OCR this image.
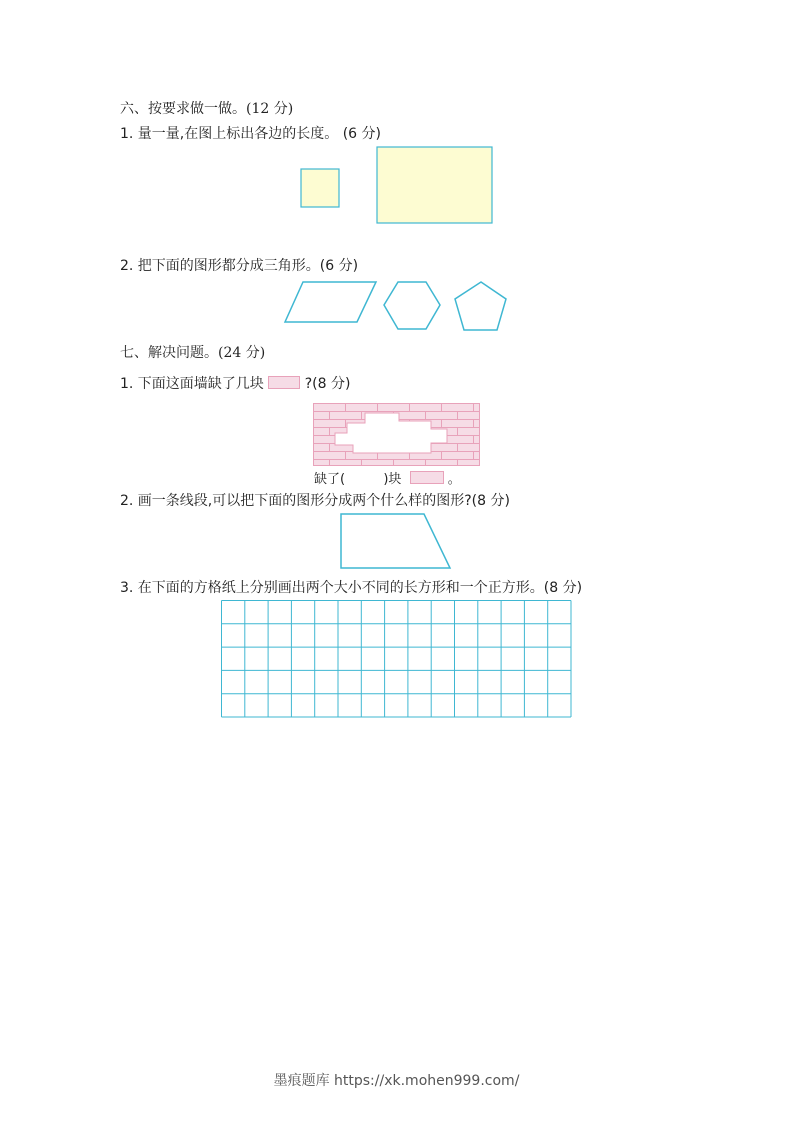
六、按要求做一做。(12 分)
1. 量一量,在图上标出各边的长度。 (6 分)
2. 把下面的图形都分成三角形。(6 分)
七、解决问题。(24 分)
1. 下面这面墙缺了几块	?(8 分)
缺了(	)块	。
2. 画一条线段,可以把下面的图形分成两个什么样的图形?(8 分)
3. 在下面的方格纸上分别画出两个大小不同的长方形和一个正方形。(8 分)
墨痕题库 https://xk.mohen999.com/
